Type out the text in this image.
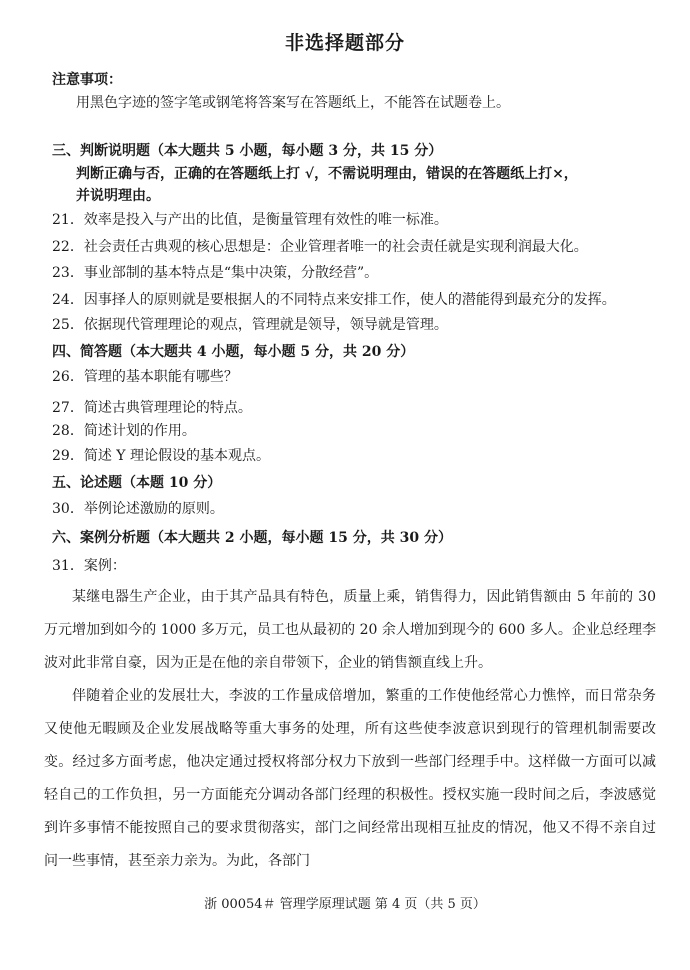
非选择题部分
注意事项：
用黑色字迹的签字笔或钢笔将答案写在答题纸上，不能答在试题卷上。
三、判断说明题（本大题共 5 小题，每小题 3 分，共 15 分）
判断正确与否，正确的在答题纸上打 √，不需说明理由，错误的在答题纸上打×，
并说明理由。
21．效率是投入与产出的比值，是衡量管理有效性的唯一标准。
22．社会责任古典观的核心思想是：企业管理者唯一的社会责任就是实现利润最大化。
23．事业部制的基本特点是“集中决策，分散经营”。
24．因事择人的原则就是要根据人的不同特点来安排工作，使人的潜能得到最充分的发挥。
25．依据现代管理理论的观点，管理就是领导，领导就是管理。
四、简答题（本大题共 4 小题，每小题 5 分，共 20 分）
26．管理的基本职能有哪些？
27．简述古典管理理论的特点。
28．简述计划的作用。
29．简述 Y 理论假设的基本观点。
五、论述题（本题 10 分）
30．举例论述激励的原则。
六、案例分析题（本大题共 2 小题，每小题 15 分，共 30 分）
31．案例：

某继电器生产企业，由于其产品具有特色，质量上乘，销售得力，因此销售额由 5 年前的 30 万元增加到如今的 1000 多万元，员工也从最初的 20 余人增加到现今的 600 多人。企业总经理李波对此非常自豪，因为正是在他的亲自带领下，企业的销售额直线上升。

伴随着企业的发展壮大，李波的工作量成倍增加，繁重的工作使他经常心力憔悴，而日常杂务又使他无暇顾及企业发展战略等重大事务的处理，所有这些使李波意识到现行的管理机制需要改变。经过多方面考虑，他决定通过授权将部分权力下放到一些部门经理手中。这样做一方面可以减轻自己的工作负担，另一方面能充分调动各部门经理的积极性。授权实施一段时间之后，李波感觉到许多事情不能按照自己的要求贯彻落实，部门之间经常出现相互扯皮的情况，他又不得不亲自过问一些事情，甚至亲力亲为。为此，各部门

浙 00054＃ 管理学原理试题 第 4 页（共 5 页）
